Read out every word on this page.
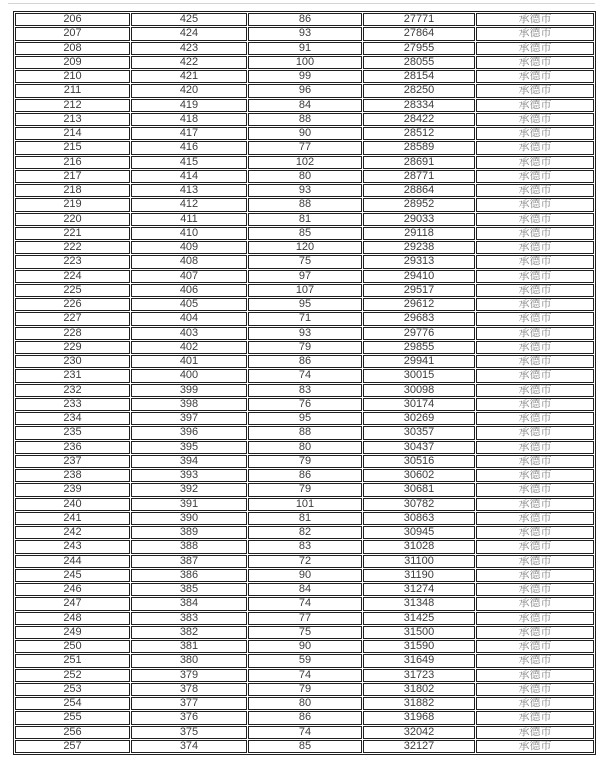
206	425	86	27771	承德市
207	424	93	27864	承德市
208	423	91	27955	承德市
209	422	100	28055	承德市
210	421	99	28154	承德市
211	420	96	28250	承德市
212	419	84	28334	承德市
213	418	88	28422	承德市
214	417	90	28512	承德市
215	416	77	28589	承德市
216	415	102	28691	承德市
217	414	80	28771	承德市
218	413	93	28864	承德市
219	412	88	28952	承德市
220	411	81	29033	承德市
221	410	85	29118	承德市
222	409	120	29238	承德市
223	408	75	29313	承德市
224	407	97	29410	承德市
225	406	107	29517	承德市
226	405	95	29612	承德市
227	404	71	29683	承德市
228	403	93	29776	承德市
229	402	79	29855	承德市
230	401	86	29941	承德市
231	400	74	30015	承德市
232	399	83	30098	承德市
233	398	76	30174	承德市
234	397	95	30269	承德市
235	396	88	30357	承德市
236	395	80	30437	承德市
237	394	79	30516	承德市
238	393	86	30602	承德市
239	392	79	30681	承德市
240	391	101	30782	承德市
241	390	81	30863	承德市
242	389	82	30945	承德市
243	388	83	31028	承德市
244	387	72	31100	承德市
245	386	90	31190	承德市
246	385	84	31274	承德市
247	384	74	31348	承德市
248	383	77	31425	承德市
249	382	75	31500	承德市
250	381	90	31590	承德市
251	380	59	31649	承德市
252	379	74	31723	承德市
253	378	79	31802	承德市
254	377	80	31882	承德市
255	376	86	31968	承德市
256	375	74	32042	承德市
257	374	85	32127	承德市
